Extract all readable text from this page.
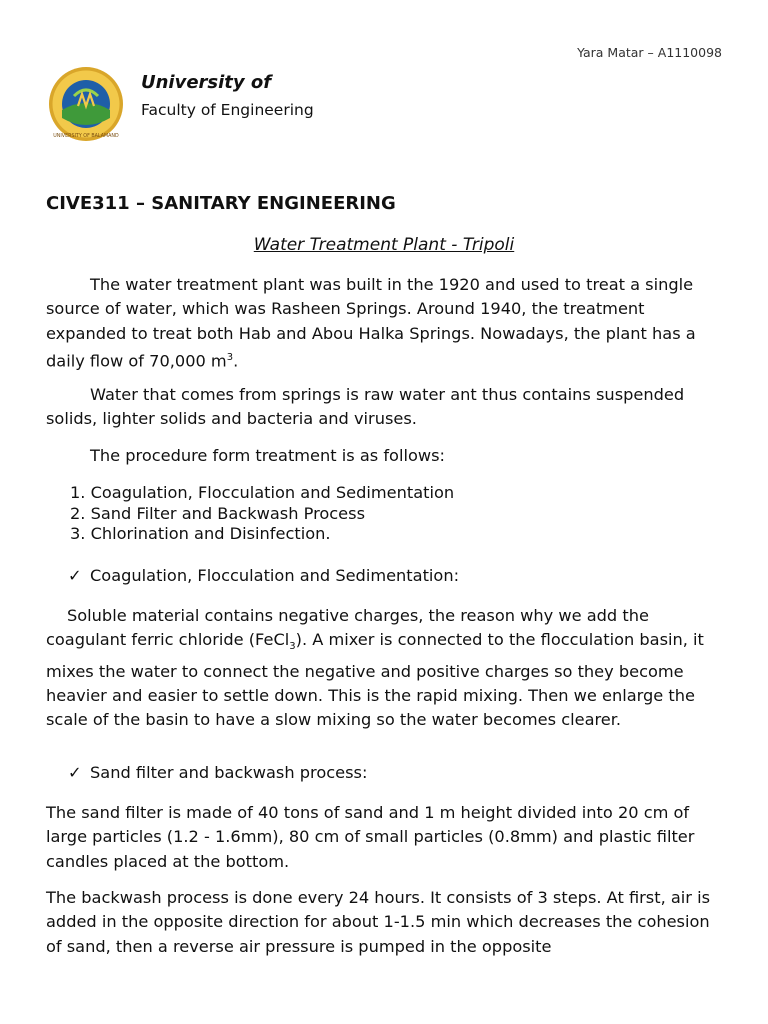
Yara Matar – A1110098
UNIVERSITY OF BALAMAND
University of
Faculty of Engineering
CIVE311 – SANITARY ENGINEERING
Water Treatment Plant - Tripoli

The water treatment plant was built in the 1920 and used to treat a single source of water, which was Rasheen Springs. Around 1940, the treatment expanded to treat both Hab and Abou Halka Springs. Nowadays, the plant has a daily flow of 70,000 $m^3$.

Water that comes from springs is raw water ant thus contains suspended solids, lighter solids and bacteria and viruses.

The procedure form treatment is as follows:

1. Coagulation, Flocculation and Sedimentation
2. Sand Filter and Backwash Process
3. Chlorination and Disinfection.
✓ Coagulation, Flocculation and Sedimentation:

Soluble material contains negative charges, the reason why we add the coagulant ferric chloride (FeCl$_3$). A mixer is connected to the flocculation basin, it mixes the water to connect the negative and positive charges so they become heavier and easier to settle down. This is the rapid mixing. Then we enlarge the scale of the basin to have a slow mixing so the water becomes clearer.

✓ Sand filter and backwash process:

The sand filter is made of 40 tons of sand and 1 m height divided into 20 cm of large particles (1.2 - 1.6mm), 80 cm of small particles (0.8mm) and plastic filter candles placed at the bottom.

The backwash process is done every 24 hours. It consists of 3 steps. At first, air is added in the opposite direction for about 1-1.5 min which decreases the cohesion of sand, then a reverse air pressure is pumped in the opposite
